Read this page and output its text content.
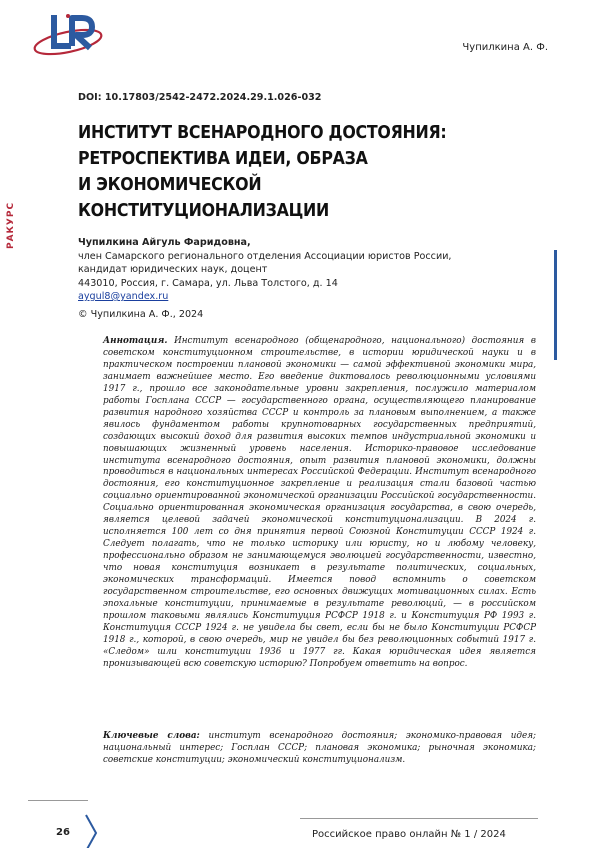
Чупилкина А. Ф.
DOI: 10.17803/2542-2472.2024.29.1.026-032
ИНСТИТУТ ВСЕНАРОДНОГО ДОСТОЯНИЯ:
РЕТРОСПЕКТИВА ИДЕИ, ОБРАЗА
И ЭКОНОМИЧЕСКОЙ КОНСТИТУЦИОНАЛИЗАЦИИ
РАКУРС	Чупилкина Айгуль Фаридовна,
член Самарского регионального отделения Ассоциации юристов России,
кандидат юридических наук, доцент
443010, Россия, г. Самара, ул. Льва Толстого, д. 14
aygul8@yandex.ru
© Чупилкина А. Ф., 2024
Аннотация. Институт всенародного (общенародного, национального) достояния в советском конституционном строительстве, в истории юридической науки и в практическом построении плановой экономики — самой эффективной экономики мира, занимает важнейшее место. Его введение диктовалось революционными условиями 1917 г., прошло все законодательные уровни закрепления, послужило материалом работы Госплана СССР — государственного органа, осуществляющего планирование развития народного хозяйства СССР и контроль за плановым выполнением, а также явилось фундаментом работы крупнотоварных государственных предприятий, создающих высокий доход для развития высоких темпов индустриальной экономики и повышающих жизненный уровень населения. Историко-правовое исследование института всенародного достояния, опыт развития плановой экономики, должны проводиться в национальных интересах Российской Федерации. Институт всенародного достояния, его конституционное закрепление и реализация стали базовой частью социально ориентированной экономической организации Российской государственности. Социально ориентированная экономическая организация государства, в свою очередь, является целевой задачей экономической конституционализации. В 2024 г. исполняется 100 лет со дня принятия первой Союзной Конституции СССР 1924 г. Следует полагать, что не только историку или юристу, но и любому человеку, профессионально образом не занимающемуся эволюцией государственности, известно, что новая конституция возникает в результате политических, социальных, экономических трансформаций. Имеется повод вспомнить о советском государственном строительстве, его основных движущих мотивационных силах. Есть эпохальные конституции, принимаемые в результате революций, — в российском прошлом таковыми являлись Конституция РСФСР 1918 г. и Конституция РФ 1993 г. Конституция СССР 1924 г. не увидела бы свет, если бы не было Конституции РСФСР 1918 г., которой, в свою очередь, мир не увидел бы без революционных событий 1917 г. «Следом» шли конституции 1936 и 1977 гг. Какая юридическая идея является пронизывающей всю советскую историю? Попробуем ответить на вопрос.
Ключевые слова: институт всенародного достояния; экономико-правовая идея; национальный интерес; Госплан СССР; плановая экономика; рыночная экономика; советские конституции; экономический конституционализм.
26	Российское право онлайн № 1 / 2024
